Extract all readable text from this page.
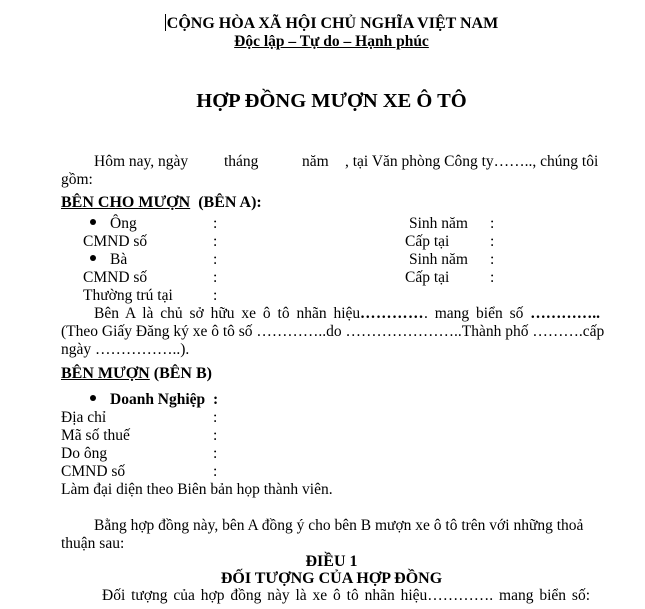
CỘNG HÒA XÃ HỘI CHỦ NGHĨA VIỆT NAM
Độc lập – Tự do – Hạnh phúc
HỢP ĐỒNG MƯỢN XE Ô TÔ
Hôm nay, ngày tháng	năm , tại Văn phòng Công ty…….., chúng tôi
gồm:
BÊN CHO MƯỢN (BÊN A):
Ông	:	Sinh năm :
CMND số	:	Cấp tại	:
Bà	:	Sinh năm :
CMND số	:	Cấp tại	:
Thường trú tại	:
Bên A là chủ sở hữu xe ô tô nhãn hiệu …………. mang biển số …………..
(Theo Giấy Đăng ký xe ô tô số …………..do …………………..Thành phố ……….cấp
ngày ……………..).
BÊN MƯỢN (BÊN B)
Doanh Nghiệp :
Địa chỉ	:
Mã số thuế	:
Do ông	:
CMND số	:
Làm đại diện theo Biên bản họp thành viên.
Bằng hợp đồng này, bên A đồng ý cho bên B mượn xe ô tô trên với những thoả
thuận sau:
ĐIỀU 1
ĐỐI TƯỢNG CỦA HỢP ĐỒNG
Đối tượng của hợp đồng này là xe ô tô nhãn hiệu…………. mang biển số:
